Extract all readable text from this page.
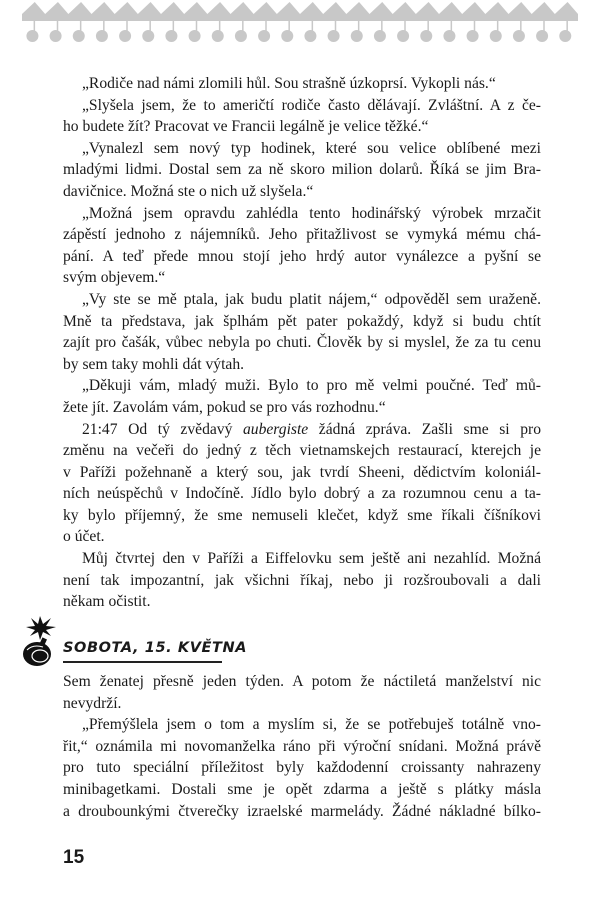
„Rodiče nad námi zlomili hůl. Sou strašně úzkoprsí. Vykopli nás.“
„Slyšela jsem, že to američtí rodiče často dělávají. Zvláštní. A z če-
ho budete žít? Pracovat ve Francii legálně je velice těžké.“
„Vynalezl sem nový typ hodinek, které sou velice oblíbené mezi
mladými lidmi. Dostal sem za ně skoro milion dolarů. Říká se jim Bra-
davičnice. Možná ste o nich už slyšela.“
„Možná jsem opravdu zahlédla tento hodinářský výrobek mrzačit
zápěstí jednoho z nájemníků. Jeho přitažlivost se vymyká mému chá-
pání. A teď přede mnou stojí jeho hrdý autor vynálezce a pyšní se
svým objevem.“
„Vy ste se mě ptala, jak budu platit nájem,“ odpověděl sem uraženě.
Mně ta představa, jak šplhám pět pater pokaždý, když si budu chtít
zajít pro čašák, vůbec nebyla po chuti. Člověk by si myslel, že za tu cenu
by sem taky mohli dát výtah.
„Děkuji vám, mladý muži. Bylo to pro mě velmi poučné. Teď mů-
žete jít. Zavolám vám, pokud se pro vás rozhodnu.“
21:47 Od tý zvědavý aubergiste žádná zpráva. Zašli sme si pro
změnu na večeři do jedný z těch vietnamskejch restaurací, kterejch je
v Paříži požehnaně a který sou, jak tvrdí Sheeni, dědictvím koloniál-
ních neúspěchů v Indočíně. Jídlo bylo dobrý a za rozumnou cenu a ta-
ky bylo příjemný, že sme nemuseli klečet, když sme říkali číšníkovi
o účet.
Můj čtvrtej den v Paříži a Eiffelovku sem ještě ani nezahlíd. Možná
není tak impozantní, jak všichni říkaj, nebo ji rozšroubovali a dali
někam očistit.
SOBOTA, 15. KVĚTNA
Sem ženatej přesně jeden týden. A potom že náctiletá manželství nic
nevydrží.
„Přemýšlela jsem o tom a myslím si, že se potřebuješ totálně vno-
řit,“ oznámila mi novomanželka ráno při výroční snídani. Možná právě
pro tuto speciální příležitost byly každodenní croissanty nahrazeny
minibagetkami. Dostali sme je opět zdarma a ještě s plátky másla
a droubounkými čtverečky izraelské marmelády. Žádné nákladné bílko-
15
